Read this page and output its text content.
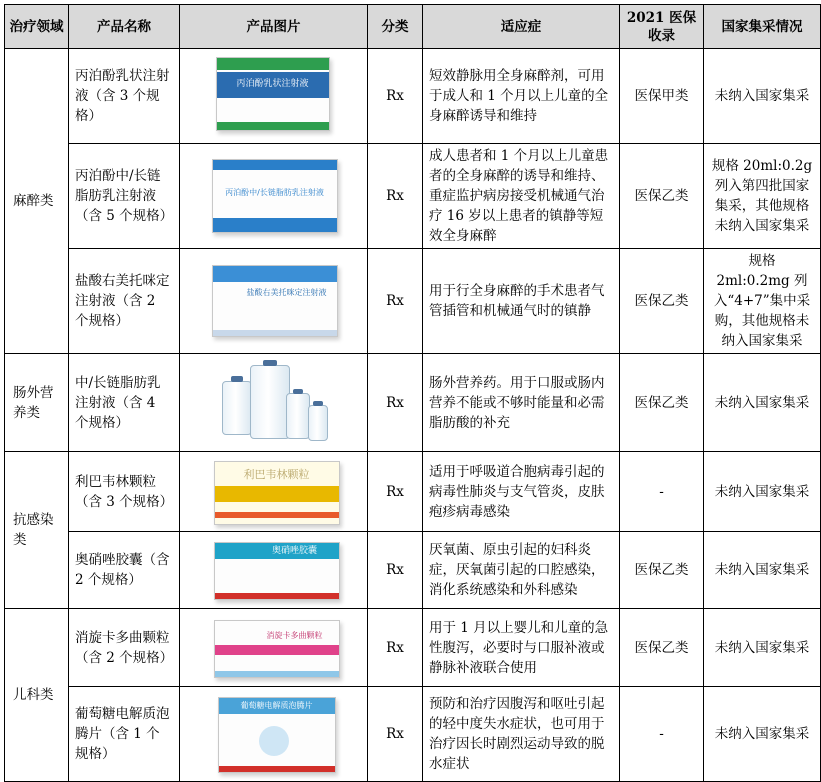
治疗领域	产品名称	产品图片	分类	适应症	2021 医保收录	国家集采情况
麻醉类	丙泊酚乳状注射液（含 3 个规格）	丙泊酚乳状注射液	Rx	短效静脉用全身麻醉剂，可用于成人和 1 个月以上儿童的全身麻醉诱导和维持	医保甲类	未纳入国家集采
	丙泊酚中/长链脂肪乳注射液（含 5 个规格）	丙泊酚中/长链脂肪乳注射液	Rx	成人患者和 1 个月以上儿童患者的全身麻醉的诱导和维持、重症监护病房接受机械通气治疗 16 岁以上患者的镇静等短效全身麻醉	医保乙类	规格 20ml:0.2g 列入第四批国家集采，其他规格未纳入国家集采
	盐酸右美托咪定注射液（含 2 个规格）	盐酸右美托咪定注射液	Rx	用于行全身麻醉的手术患者气管插管和机械通气时的镇静	医保乙类	规格 2ml:0.2mg 列入“4+7”集中采购，其他规格未纳入国家集采
肠外营养类	中/长链脂肪乳注射液（含 4 个规格）		Rx	肠外营养药。用于口服或肠内营养不能或不够时能量和必需脂肪酸的补充	医保乙类	未纳入国家集采
抗感染类	利巴韦林颗粒（含 3 个规格）	利巴韦林颗粒	Rx	适用于呼吸道合胞病毒引起的病毒性肺炎与支气管炎，皮肤疱疹病毒感染	-	未纳入国家集采
	奥硝唑胶囊（含 2 个规格）	奥硝唑胶囊	Rx	厌氧菌、原虫引起的妇科炎症，厌氧菌引起的口腔感染，消化系统感染和外科感染	医保乙类	未纳入国家集采
儿科类	消旋卡多曲颗粒（含 2 个规格）	消旋卡多曲颗粒	Rx	用于 1 月以上婴儿和儿童的急性腹泻，必要时与口服补液或静脉补液联合使用	医保乙类	未纳入国家集采
	葡萄糖电解质泡腾片（含 1 个规格）	葡萄糖电解质泡腾片	Rx	预防和治疗因腹泻和呕吐引起的轻中度失水症状，也可用于治疗因长时剧烈运动导致的脱水症状	-	未纳入国家集采
